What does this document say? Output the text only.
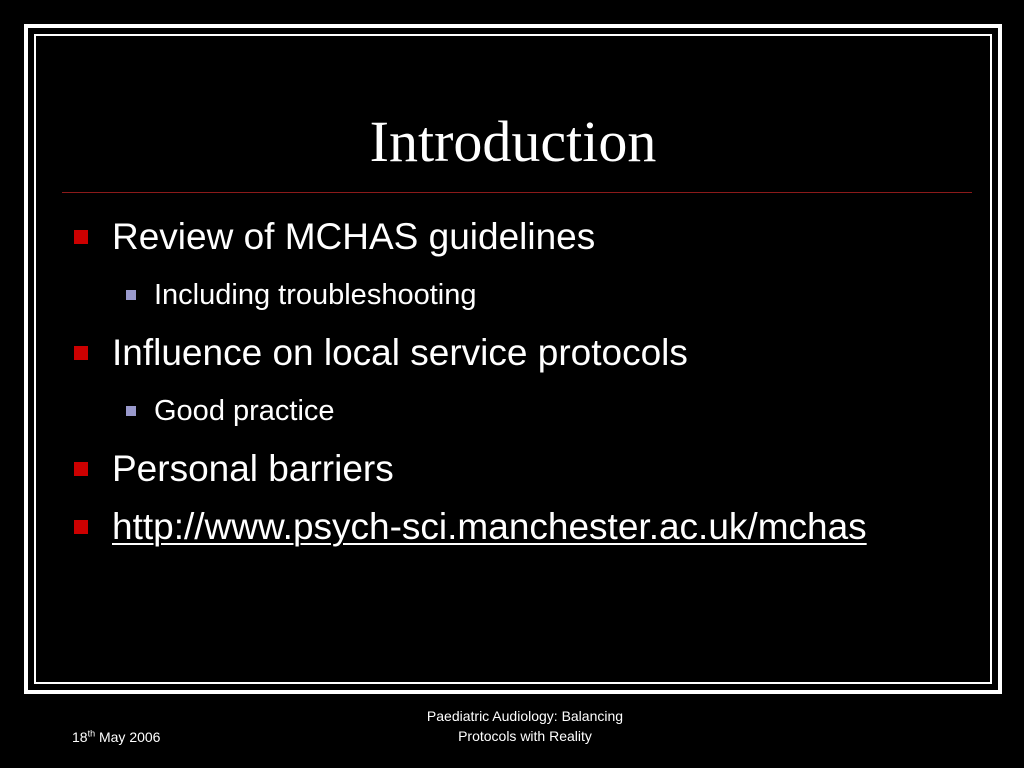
Introduction
Review of MCHAS guidelines
Including troubleshooting
Influence on local service protocols
Good practice
Personal barriers
http://www.psych-sci.manchester.ac.uk/mchas
18th May 2006
Paediatric Audiology: Balancing
Protocols with Reality
